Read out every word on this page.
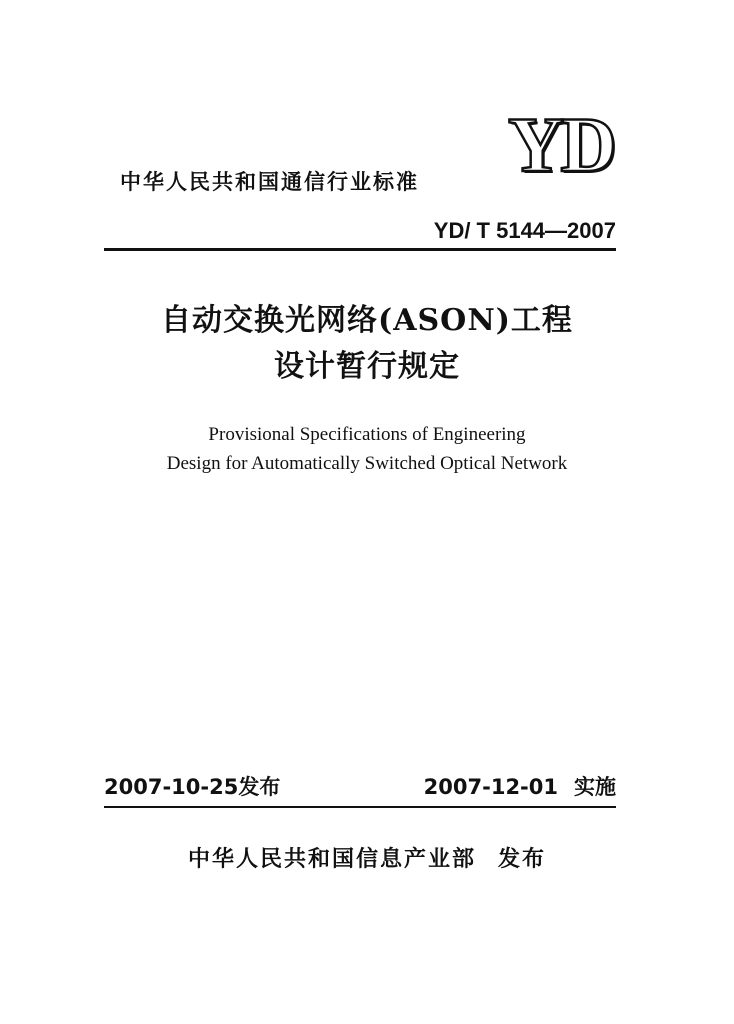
YD
中华人民共和国通信行业标准
YD/ T 5144—2007
自动交换光网络(ASON)工程
设计暂行规定
Provisional Specifications of Engineering
Design for Automatically Switched Optical Network
2007-10-25发布	2007-12-01 实施
中华人民共和国信息产业部 发布
